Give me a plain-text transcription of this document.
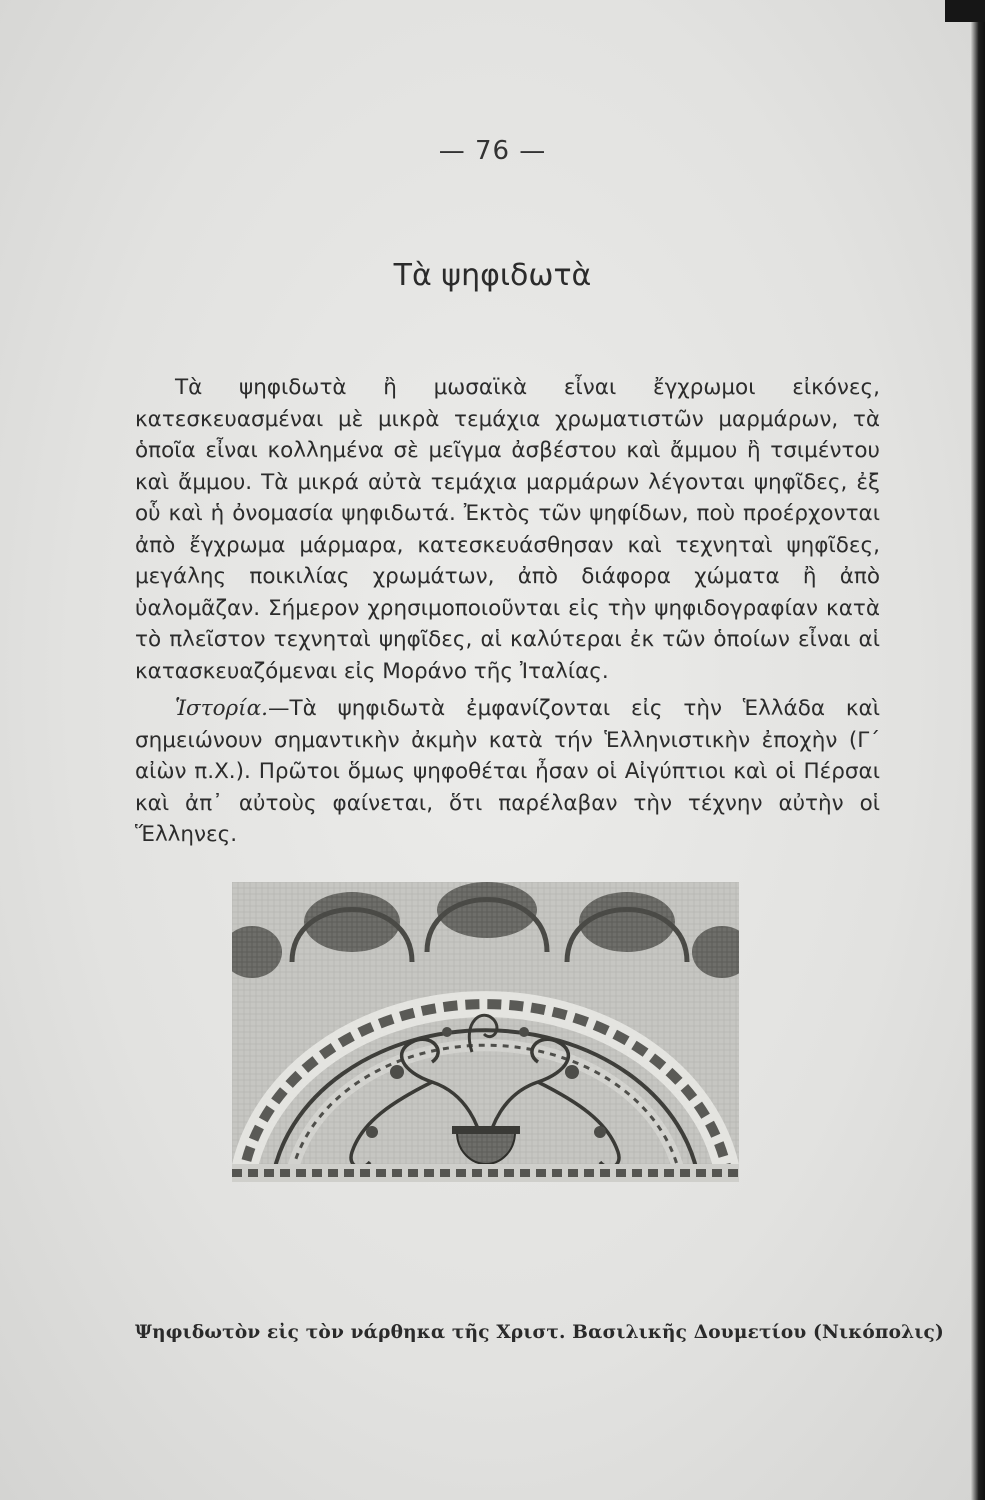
— 76 —
Τὰ ψηφιδωτὰ
Τὰ ψηφιδωτὰ ἢ μωσαϊκὰ εἶναι ἔγχρωμοι εἰκόνες, κατεσκευασμέναι μὲ μικρὰ τεμάχια χρωματιστῶν μαρμάρων, τὰ ὁποῖα εἶναι κολλημένα σὲ μεῖγμα ἀσβέστου καὶ ἄμμου ἢ τσιμέντου καὶ ἄμμου. Τὰ μικρά αὐτὰ τεμάχια μαρμάρων λέγονται ψηφῖδες, ἐξ οὗ καὶ ἡ ὀνομασία ψηφιδωτά. Ἐκτὸς τῶν ψηφίδων, ποὺ προέρχονται ἀπὸ ἔγχρωμα μάρμαρα, κατεσκευάσθησαν καὶ τεχνηταὶ ψηφῖδες, μεγάλης ποικιλίας χρωμάτων, ἀπὸ διάφορα χώματα ἢ ἀπὸ ὑαλομᾶζαν. Σήμερον χρησιμοποιοῦνται εἰς τὴν ψηφιδογραφίαν κατὰ τὸ πλεῖστον τεχνηταὶ ψηφῖδες, αἱ καλύτεραι ἐκ τῶν ὁποίων εἶναι αἱ κατασκευαζόμεναι εἰς Μοράνο τῆς Ἰταλίας.
Ἱστορία.—Τὰ ψηφιδωτὰ ἐμφανίζονται εἰς τὴν Ἑλλάδα καὶ σημειώνουν σημαντικὴν ἀκμὴν κατὰ τήν Ἑλληνιστικὴν ἐποχὴν (Γ΄ αἰὼν π.Χ.). Πρῶτοι ὅμως ψηφοθέται ἦσαν οἱ Αἰγύπτιοι καὶ οἱ Πέρσαι καὶ ἀπ᾽ αὐτοὺς φαίνεται, ὅτι παρέλαβαν τὴν τέχνην αὐτὴν οἱ Ἕλληνες.
Ψηφιδωτὸν εἰς τὸν νάρθηκα τῆς Χριστ. Βασιλικῆς Δουμετίου (Νικόπολις)
